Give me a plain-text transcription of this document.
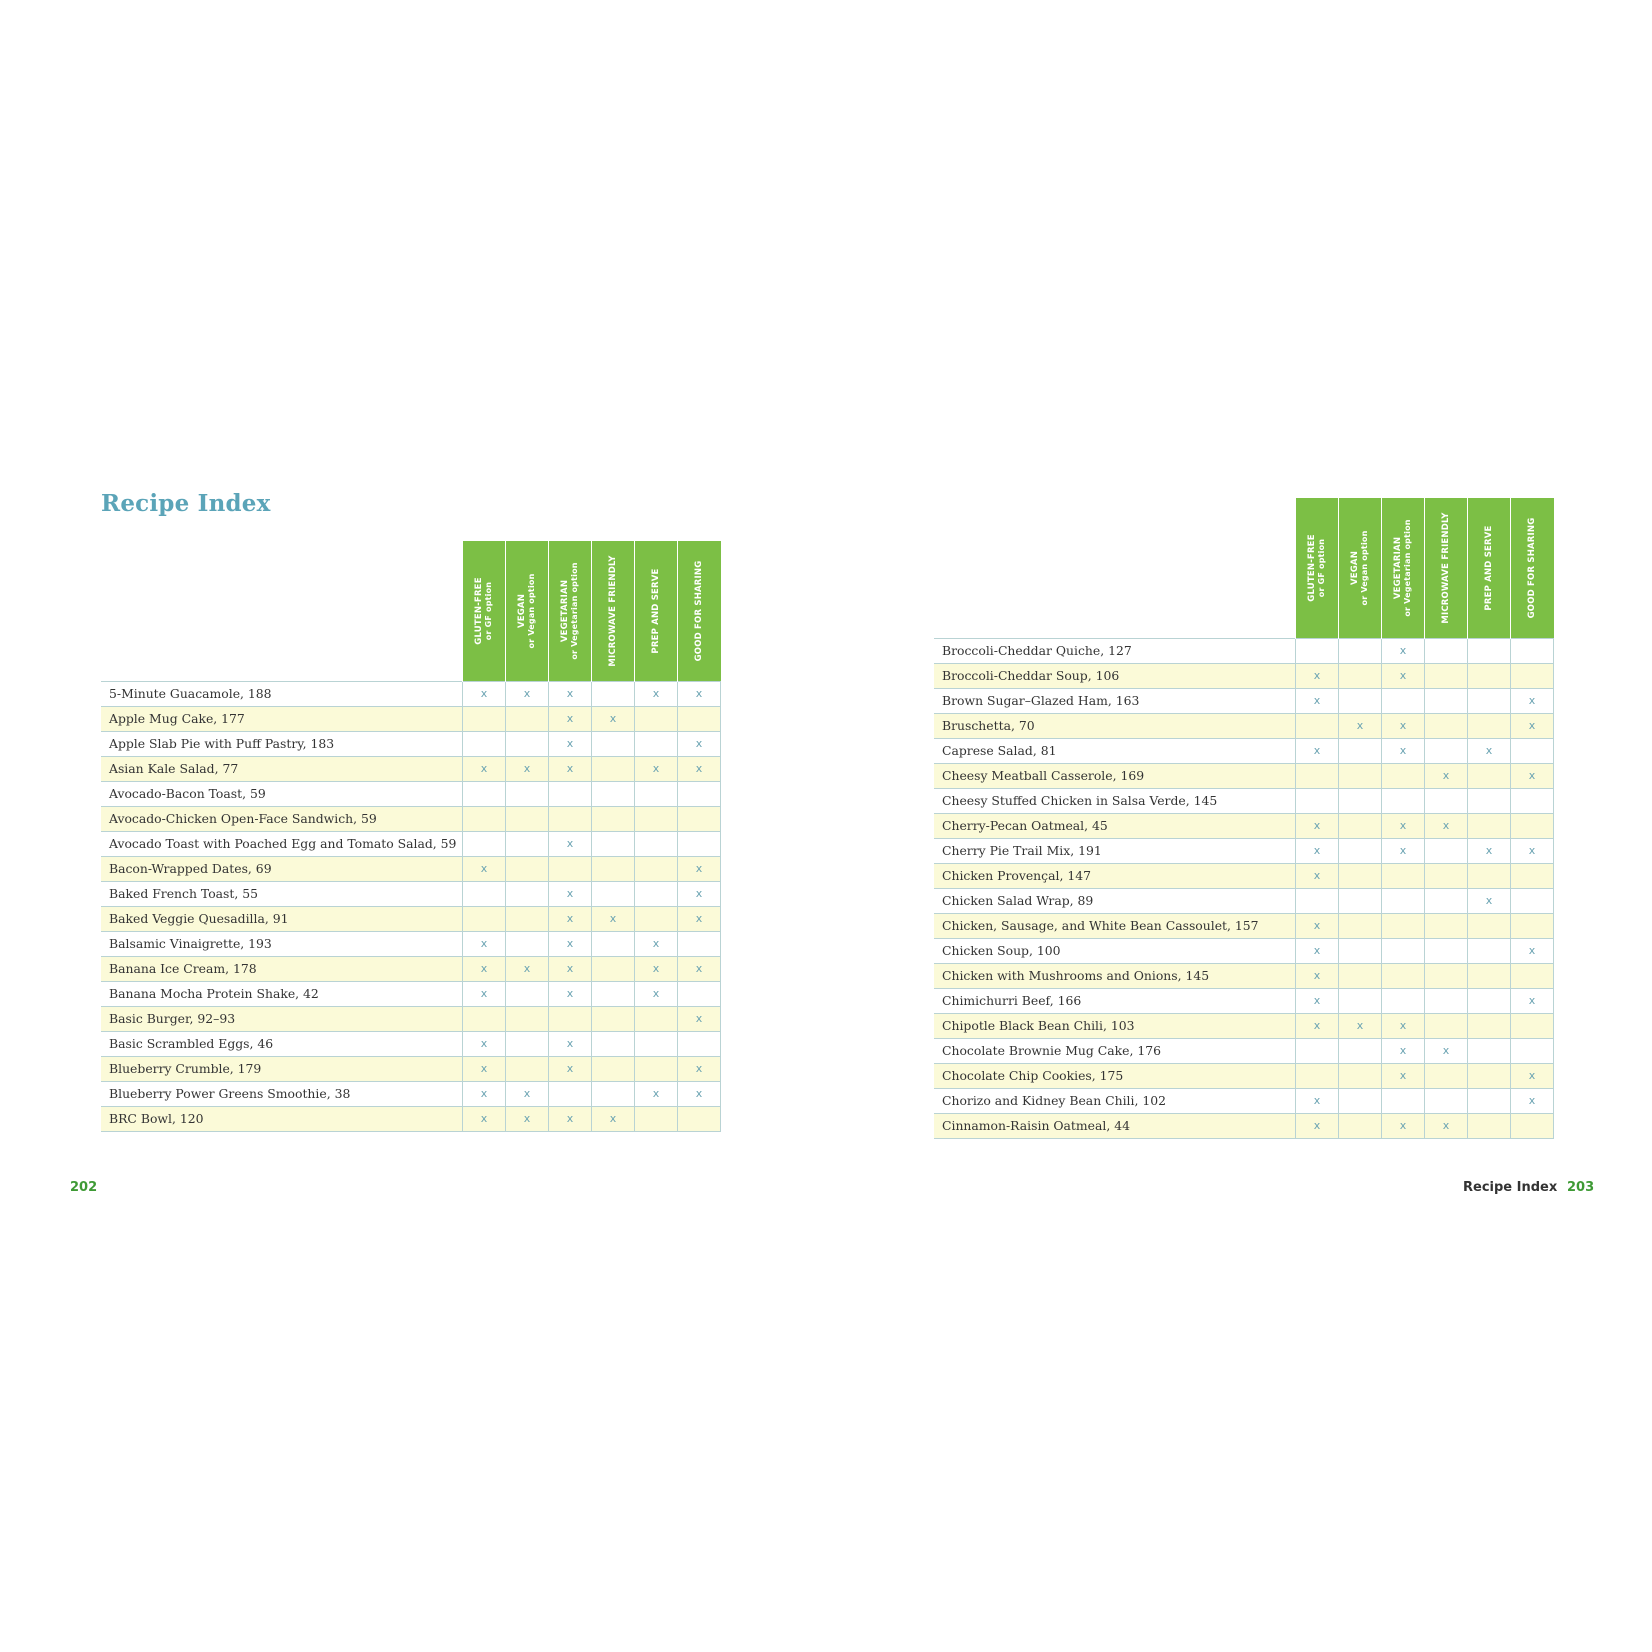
Recipe Index

	GLUTEN-FREE or GF option	VEGAN or Vegan option	VEGETARIAN or Vegetarian option	MICROWAVE FRIENDLY	PREP AND SERVE	GOOD FOR SHARING

5-Minute Guacamole, 188	x	x	x		x	x
Apple Mug Cake, 177			x	x		
Apple Slab Pie with Puff Pastry, 183			x			x
Asian Kale Salad, 77	x	x	x		x	x
Avocado-Bacon Toast, 59						
Avocado-Chicken Open-Face Sandwich, 59						
Avocado Toast with Poached Egg and Tomato Salad, 59			x			
Bacon-Wrapped Dates, 69	x					x
Baked French Toast, 55			x			x
Baked Veggie Quesadilla, 91			x	x		x
Balsamic Vinaigrette, 193	x		x		x	
Banana Ice Cream, 178	x	x	x		x	x
Banana Mocha Protein Shake, 42	x		x		x	
Basic Burger, 92–93						x
Basic Scrambled Eggs, 46	x		x			
Blueberry Crumble, 179	x		x			x
Blueberry Power Greens Smoothie, 38	x	x			x	x
BRC Bowl, 120	x	x	x	x		

	GLUTEN-FREE or GF option	VEGAN or Vegan option	VEGETARIAN or Vegetarian option	MICROWAVE FRIENDLY	PREP AND SERVE	GOOD FOR SHARING

Broccoli-Cheddar Quiche, 127			x			
Broccoli-Cheddar Soup, 106	x		x			
Brown Sugar–Glazed Ham, 163	x					x
Bruschetta, 70		x	x			x
Caprese Salad, 81	x		x		x	
Cheesy Meatball Casserole, 169				x		x
Cheesy Stuffed Chicken in Salsa Verde, 145						
Cherry-Pecan Oatmeal, 45	x		x	x		
Cherry Pie Trail Mix, 191	x		x		x	x
Chicken Provençal, 147	x					
Chicken Salad Wrap, 89					x	
Chicken, Sausage, and White Bean Cassoulet, 157	x					
Chicken Soup, 100	x					x
Chicken with Mushrooms and Onions, 145	x					
Chimichurri Beef, 166	x					x
Chipotle Black Bean Chili, 103	x	x	x			
Chocolate Brownie Mug Cake, 176			x	x		
Chocolate Chip Cookies, 175			x			x
Chorizo and Kidney Bean Chili, 102	x					x
Cinnamon-Raisin Oatmeal, 44	x		x	x		
202	Recipe Index 203
